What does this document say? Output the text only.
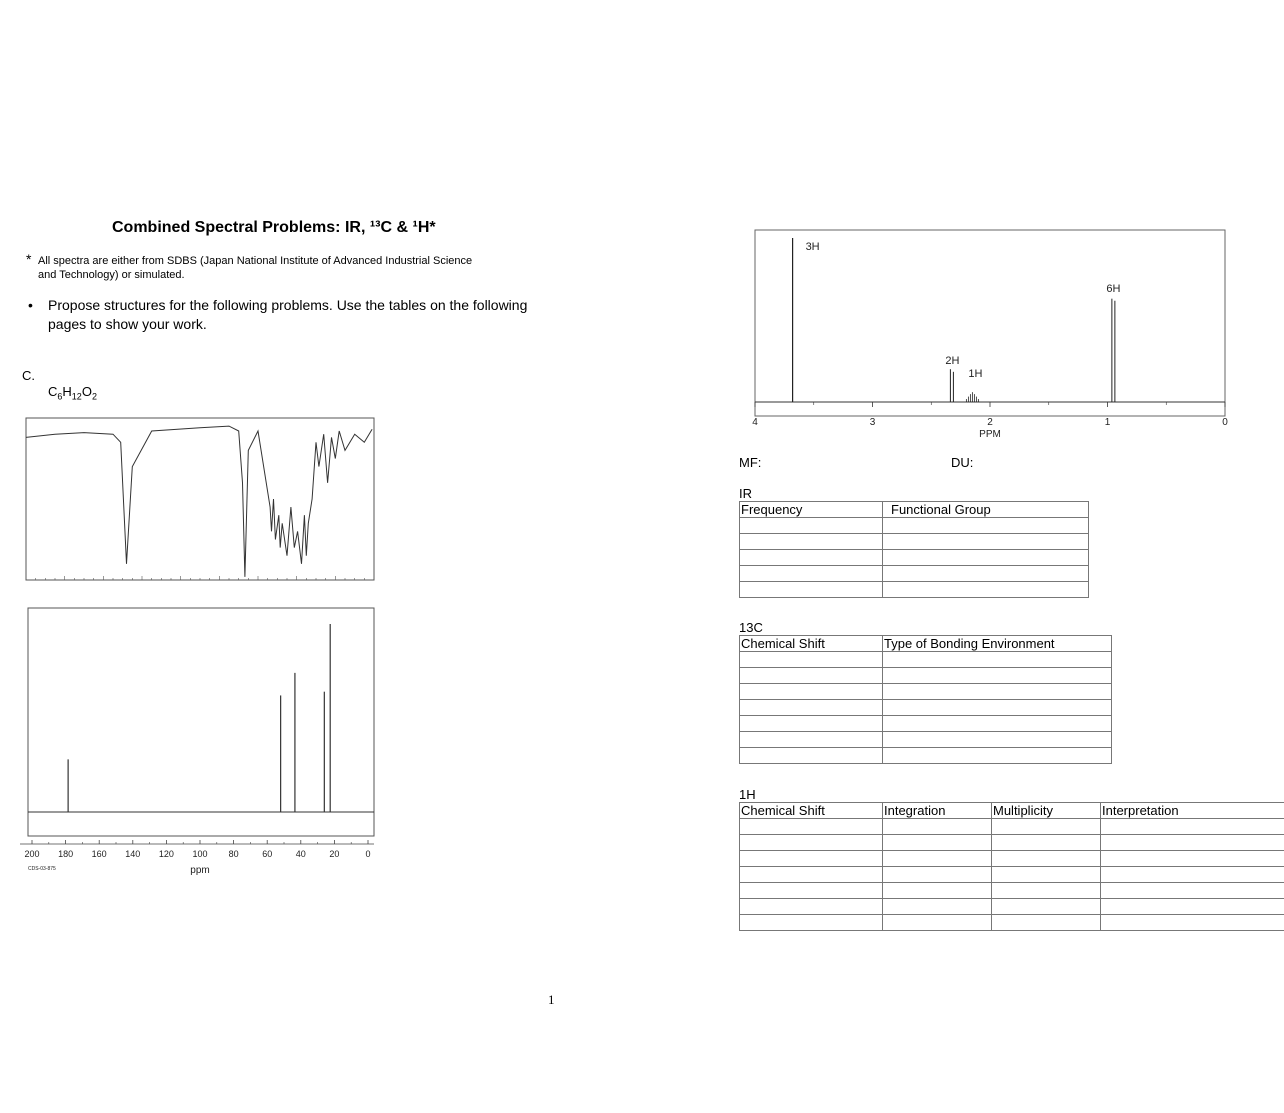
Combined Spectral Problems: IR, ¹³C & ¹H*
* All spectra are either from SDBS (Japan National Institute of Advanced Industrial Science and Technology) or simulated.
•	Propose structures for the following problems. Use the tables on the following pages to show your work.
C.
$C_6H_{12}O_2$
200 180 160 140 120 100 80	60	40	20	0
ppm
CDS-03-875
3H
2H
1H
6H
4	3	2	1	0
PPM
MF:	DU:
IR
Frequency	Functional Group

13C
Chemical Shift	Type of Bonding Environment

1H
Chemical Shift	Integration	Multiplicity	Interpretation

1
